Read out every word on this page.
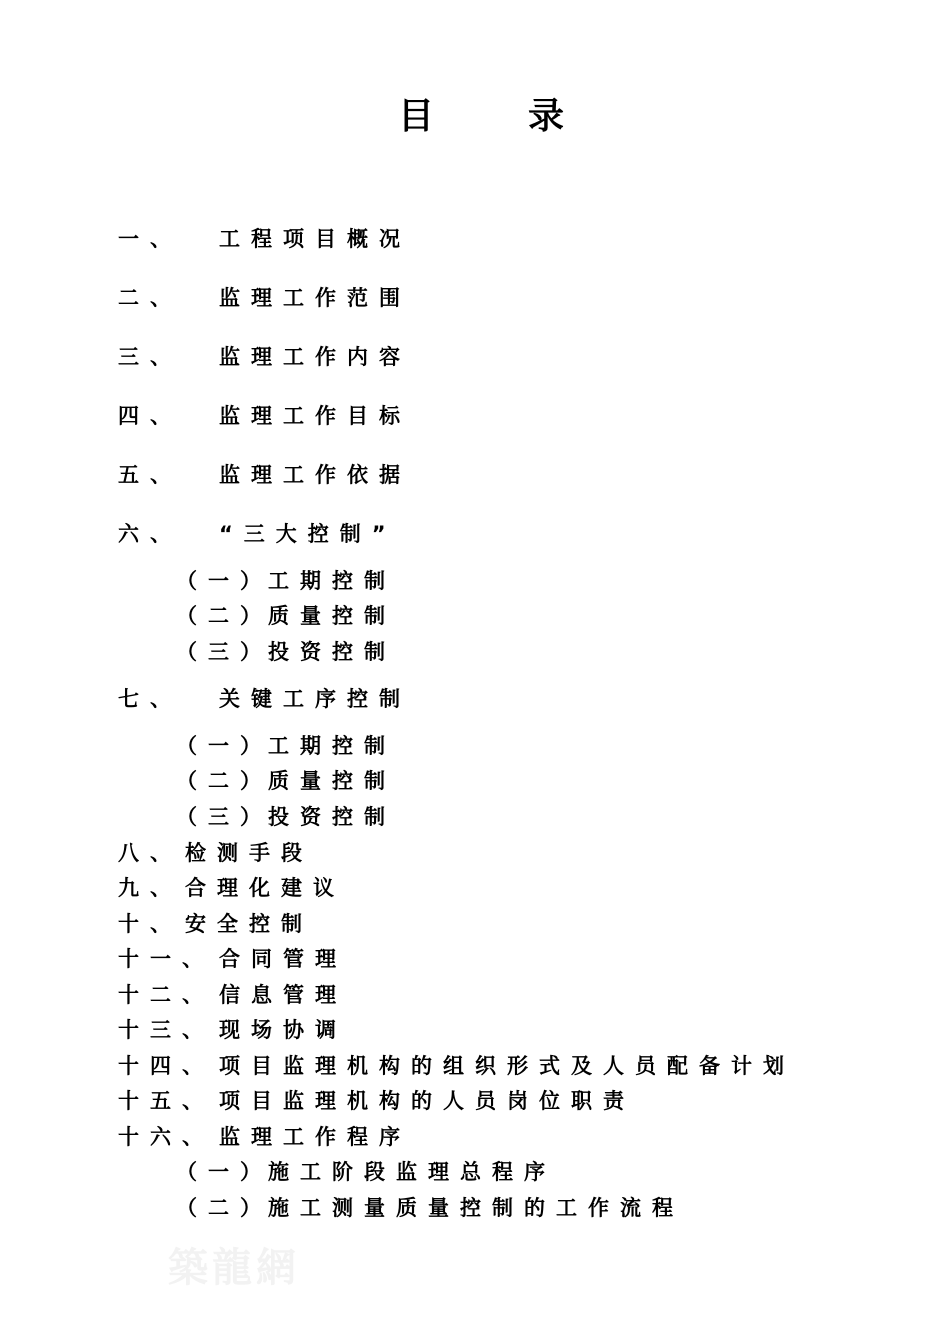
目	录
一、 工程项目概况
二、 监理工作范围
三、 监理工作内容
四、 监理工作目标
五、 监理工作依据
六、 “三大控制”
（一）
工期控制
（二）
质量控制
（三）
投资控制
七、 关键工序控制
（一）
工期控制
（二）
质量控制
（三）
投资控制
八、 检测手段
九、 合理化建议
十、 安全控制
十一、 合同管理
十二、 信息管理
十三、 现场协调
十四、 项目监理机构的组织形式及人员配备计划
十五、 项目监理机构的人员岗位职责
十六、 监理工作程序
（一）
施工阶段监理总程序
（二）
施工测量质量控制的工作流程
築龍網
